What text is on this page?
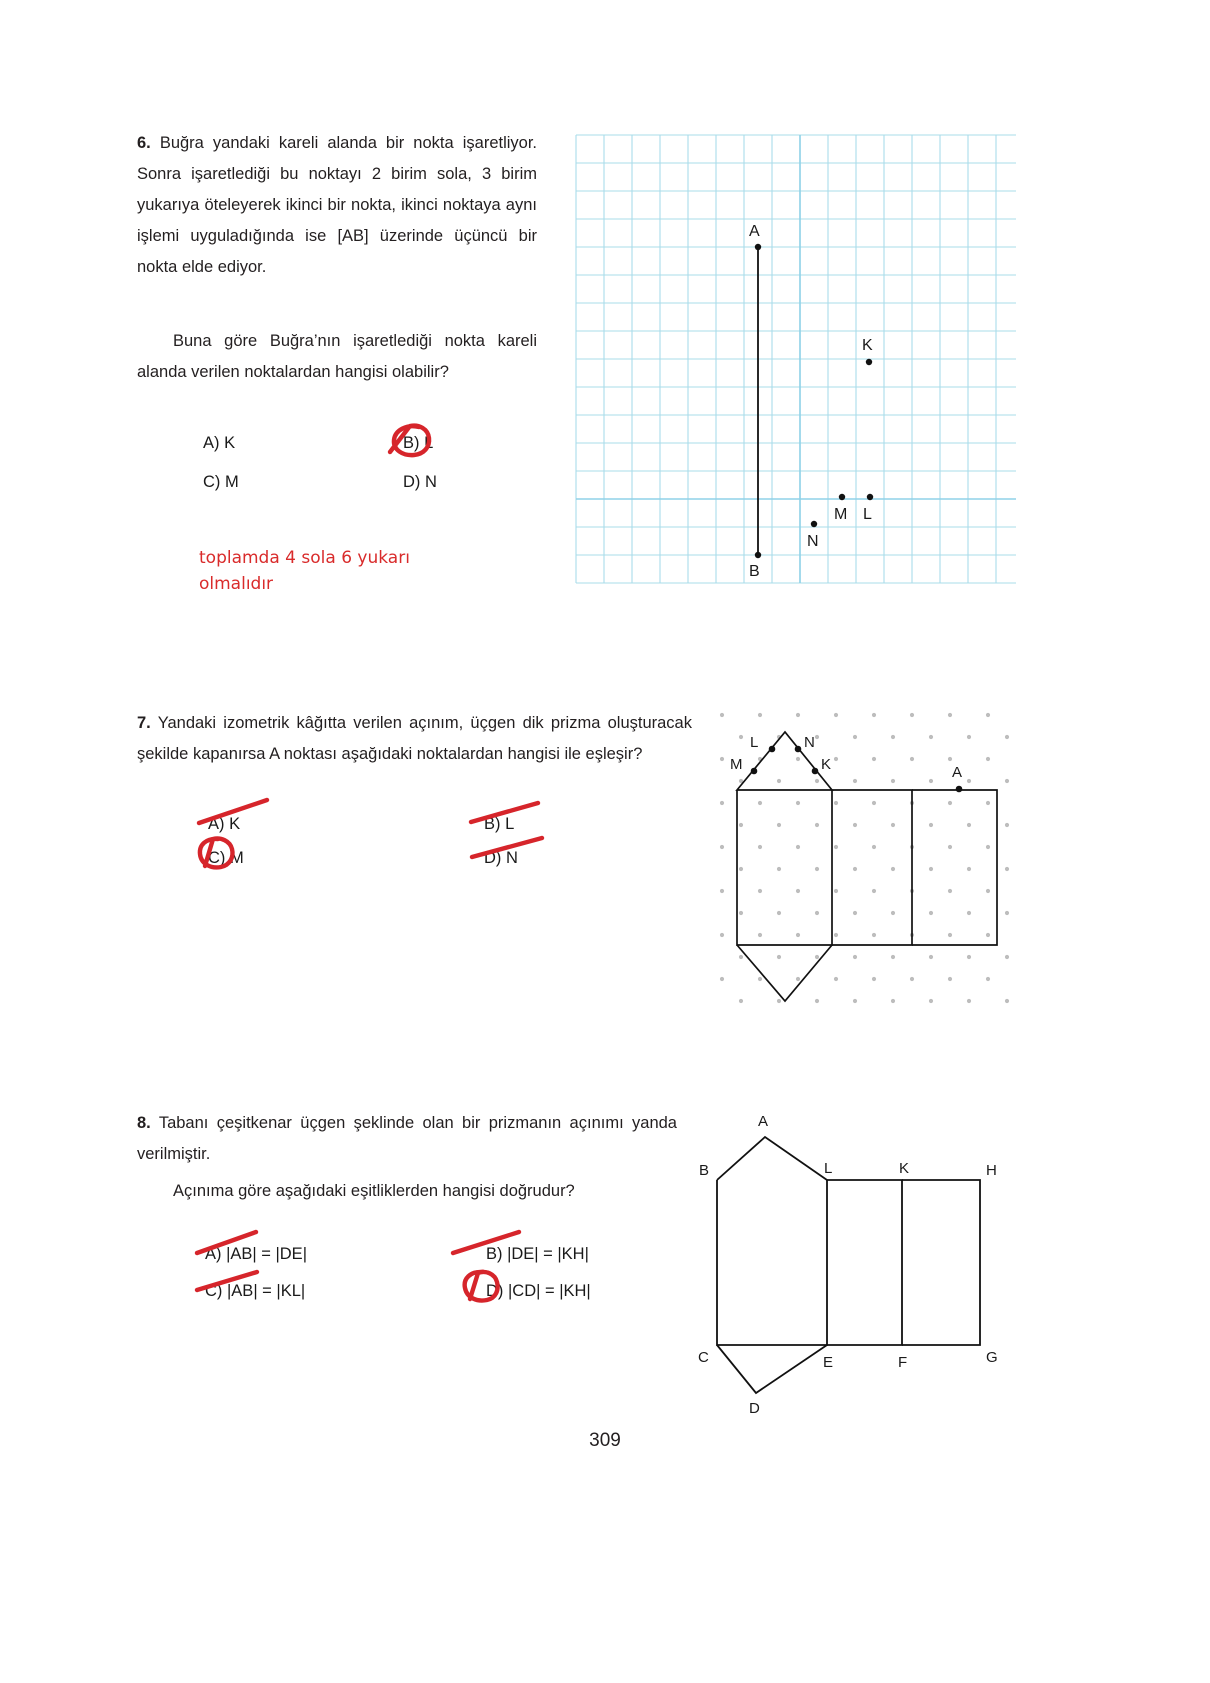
6. Buğra yandaki kareli alanda bir nokta işaretliyor. Sonra işaretlediği bu noktayı 2 birim sola, 3 birim yukarıya öteleyerek ikinci bir nokta, ikinci noktaya aynı işlemi uyguladığında ise [AB] üzerinde üçüncü bir nokta elde ediyor.
Buna göre Buğra’nın işaretlediği nokta kareli alanda verilen noktalardan hangisi olabilir?
A) K	B) L
C) M	D) N
toplamda 4 sola 6 yukarı
olmalıdır
A
B
K
M L
N
7. Yandaki izometrik kâğıtta verilen açınım, üçgen dik prizma oluşturacak şekilde kapanırsa A noktası aşağıdaki noktalardan hangisi ile eşleşir?
A) K	B) L
C) M	D) N
M
L	N
K	A
8. Tabanı çeşitkenar üçgen şeklinde olan bir prizmanın açınımı yanda verilmiştir.
Açınıma göre aşağıdaki eşitliklerden hangisi doğrudur?
A) |AB| = |DE|	B) |DE| = |KH|
C) |AB| = |KL|	D) |CD| = |KH|
A
B	L	K	H
C	E	F	G
D
309
